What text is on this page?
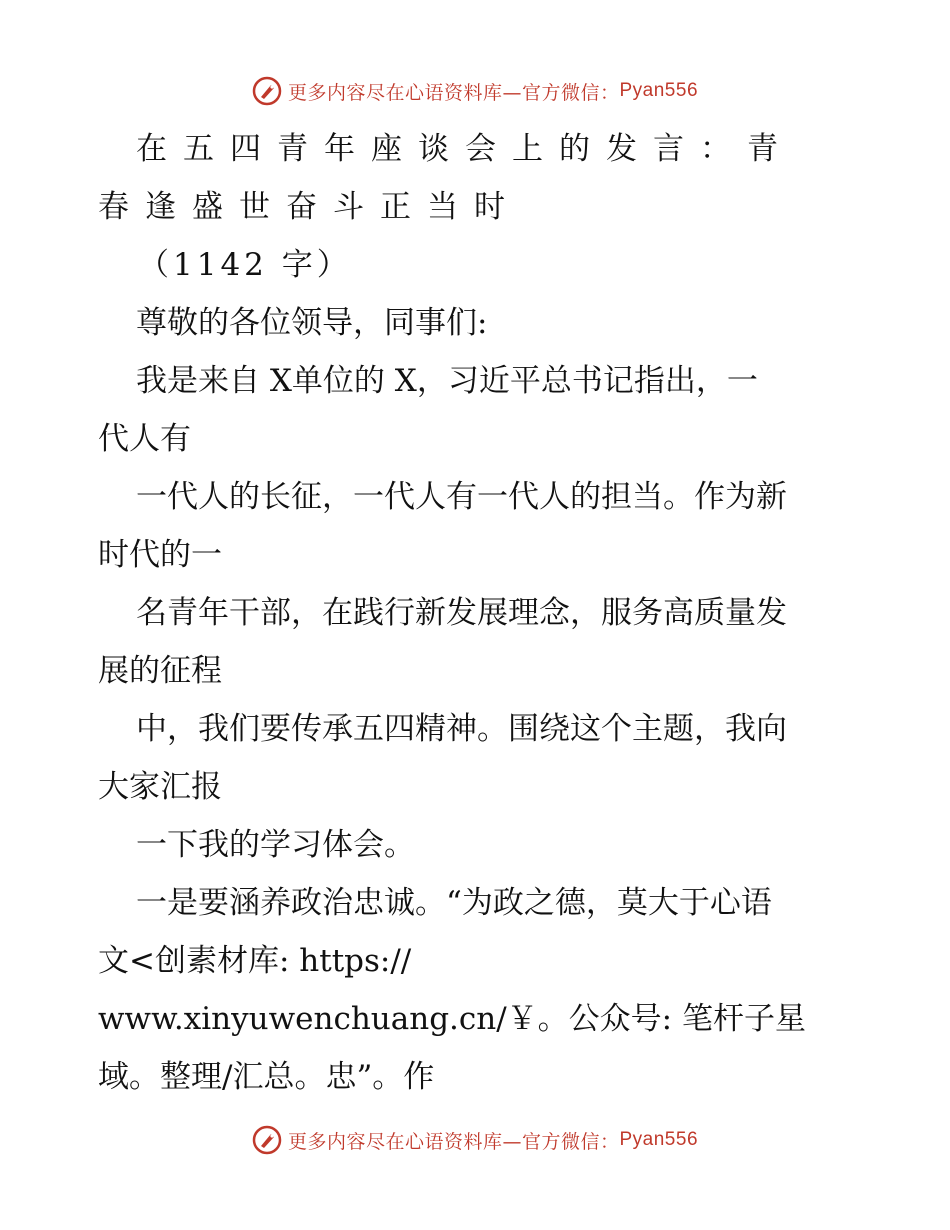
更多内容尽在心语资料库—官方微信： Pyan556
在五四青年座谈会上的发言：青
春逢盛世奋斗正当时
（1142 字）
尊敬的各位领导，同事们:
我是来自 X单位的 X，习近平总书记指出，一
代人有
一代人的长征，一代人有一代人的担当。作为新
时代的一
名青年干部，在践行新发展理念，服务高质量发
展的征程
中，我们要传承五四精神。围绕这个主题，我向
大家汇报
一下我的学习体会。
一是要涵养政治忠诚。“为政之德，莫大于心语
文<创素材库: https://
www.xinyuwenchuang.cn/￥。公众号: 笔杆子星
域。整理/汇总。忠”。作
更多内容尽在心语资料库—官方微信： Pyan556
